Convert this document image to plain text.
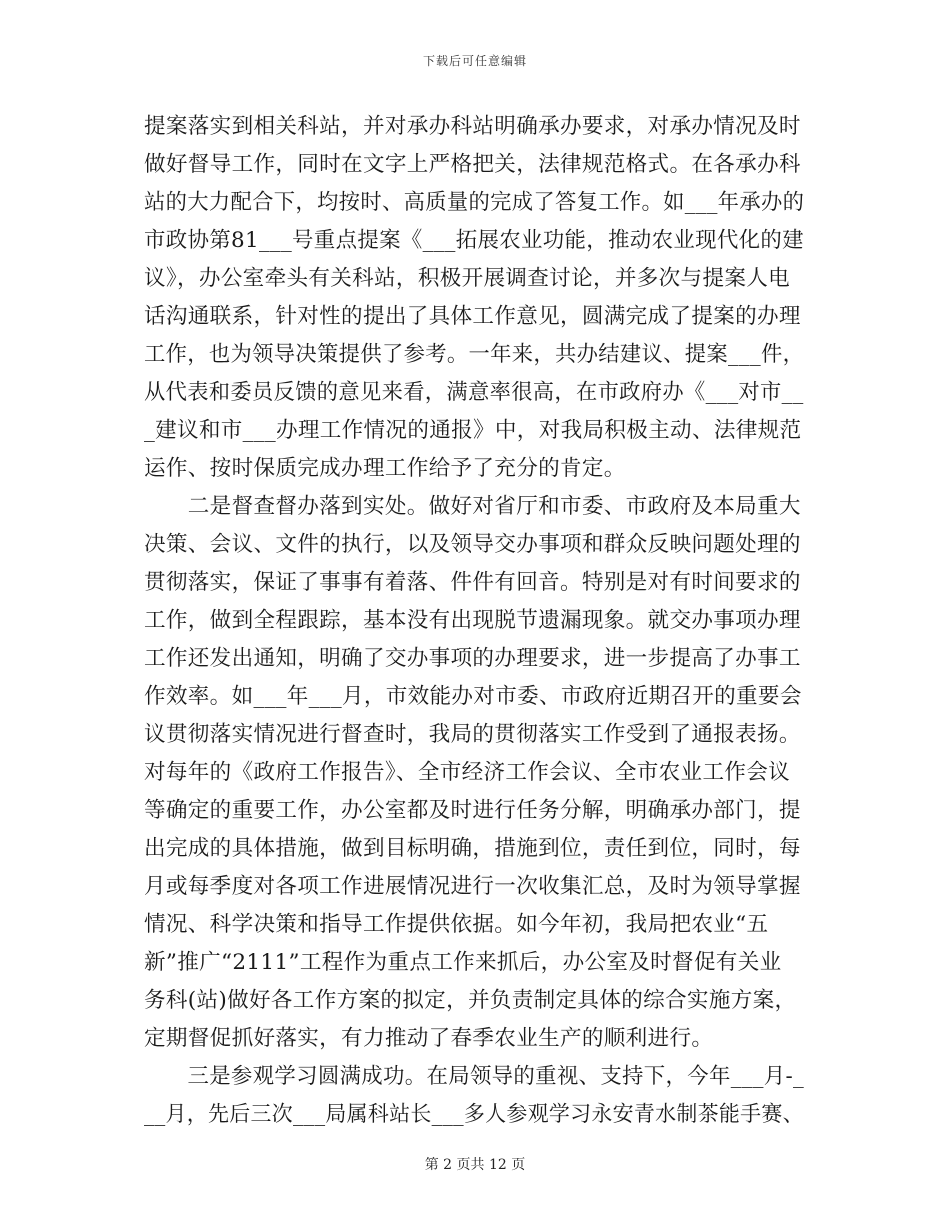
下载后可任意编辑
提案落实到相关科站，并对承办科站明确承办要求，对承办情况及时
做好督导工作，同时在文字上严格把关，法律规范格式。在各承办科
站的大力配合下，均按时、高质量的完成了答复工作。如___年承办的
市政协第81___号重点提案《___拓展农业功能，推动农业现代化的建
议》，办公室牵头有关科站，积极开展调查讨论，并多次与提案人电
话沟通联系，针对性的提出了具体工作意见，圆满完成了提案的办理
工作，也为领导决策提供了参考。一年来，共办结建议、提案___件，
从代表和委员反馈的意见来看，满意率很高，在市政府办《___对市__
_建议和市___办理工作情况的通报》中，对我局积极主动、法律规范
运作、按时保质完成办理工作给予了充分的肯定。
　　二是督查督办落到实处。做好对省厅和市委、市政府及本局重大
决策、会议、文件的执行，以及领导交办事项和群众反映问题处理的
贯彻落实，保证了事事有着落、件件有回音。特别是对有时间要求的
工作，做到全程跟踪，基本没有出现脱节遗漏现象。就交办事项办理
工作还发出通知，明确了交办事项的办理要求，进一步提高了办事工
作效率。如___年___月，市效能办对市委、市政府近期召开的重要会
议贯彻落实情况进行督查时，我局的贯彻落实工作受到了通报表扬。
对每年的《政府工作报告》、全市经济工作会议、全市农业工作会议
等确定的重要工作，办公室都及时进行任务分解，明确承办部门，提
出完成的具体措施，做到目标明确，措施到位，责任到位，同时，每
月或每季度对各项工作进展情况进行一次收集汇总，及时为领导掌握
情况、科学决策和指导工作提供依据。如今年初，我局把农业“五
新”推广“2111”工程作为重点工作来抓后，办公室及时督促有关业
务科(站)做好各工作方案的拟定，并负责制定具体的综合实施方案，
定期督促抓好落实，有力推动了春季农业生产的顺利进行。
　　三是参观学习圆满成功。在局领导的重视、支持下，今年___月-_
__月，先后三次___局属科站长___多人参观学习永安青水制茶能手赛、
第 2 页共 12 页
